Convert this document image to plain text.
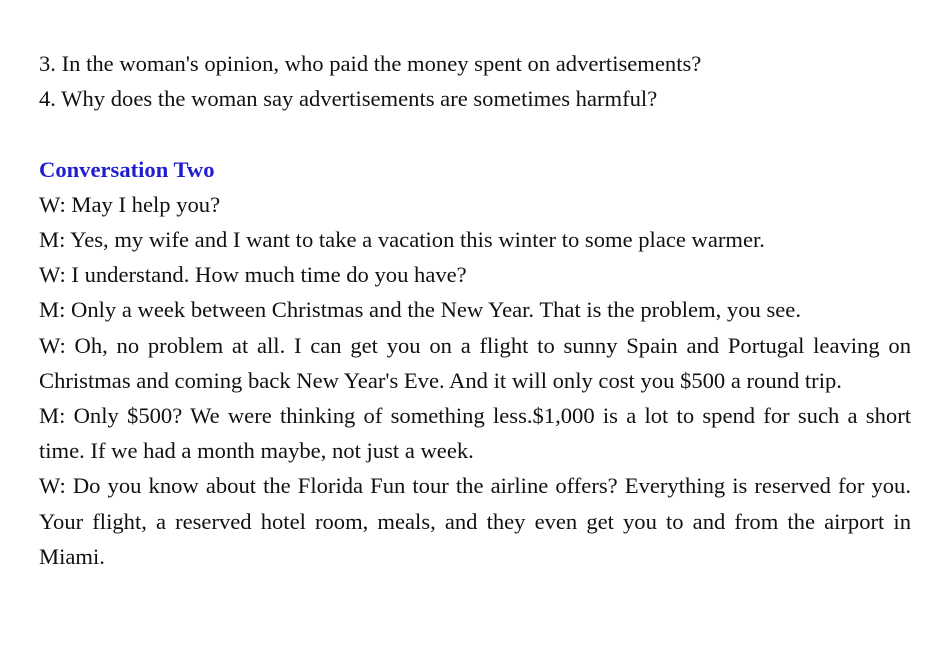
3. In the woman's opinion, who paid the money spent on advertisements?

4. Why does the woman say advertisements are sometimes harmful?

Conversation Two

W: May I help you?

M: Yes, my wife and I want to take a vacation this winter to some place warmer.

W: I understand. How much time do you have?

M: Only a week between Christmas and the New Year. That is the problem, you see.

W: Oh, no problem at all. I can get you on a flight to sunny Spain and Portugal leaving on Christmas and coming back New Year's Eve. And it will only cost you $500 a round trip.

M: Only $500? We were thinking of something less.$1,000 is a lot to spend for such a short time. If we had a month maybe, not just a week.

W: Do you know about the Florida Fun tour the airline offers? Everything is reserved for you. Your flight, a reserved hotel room, meals, and they even get you to and from the airport in Miami.
